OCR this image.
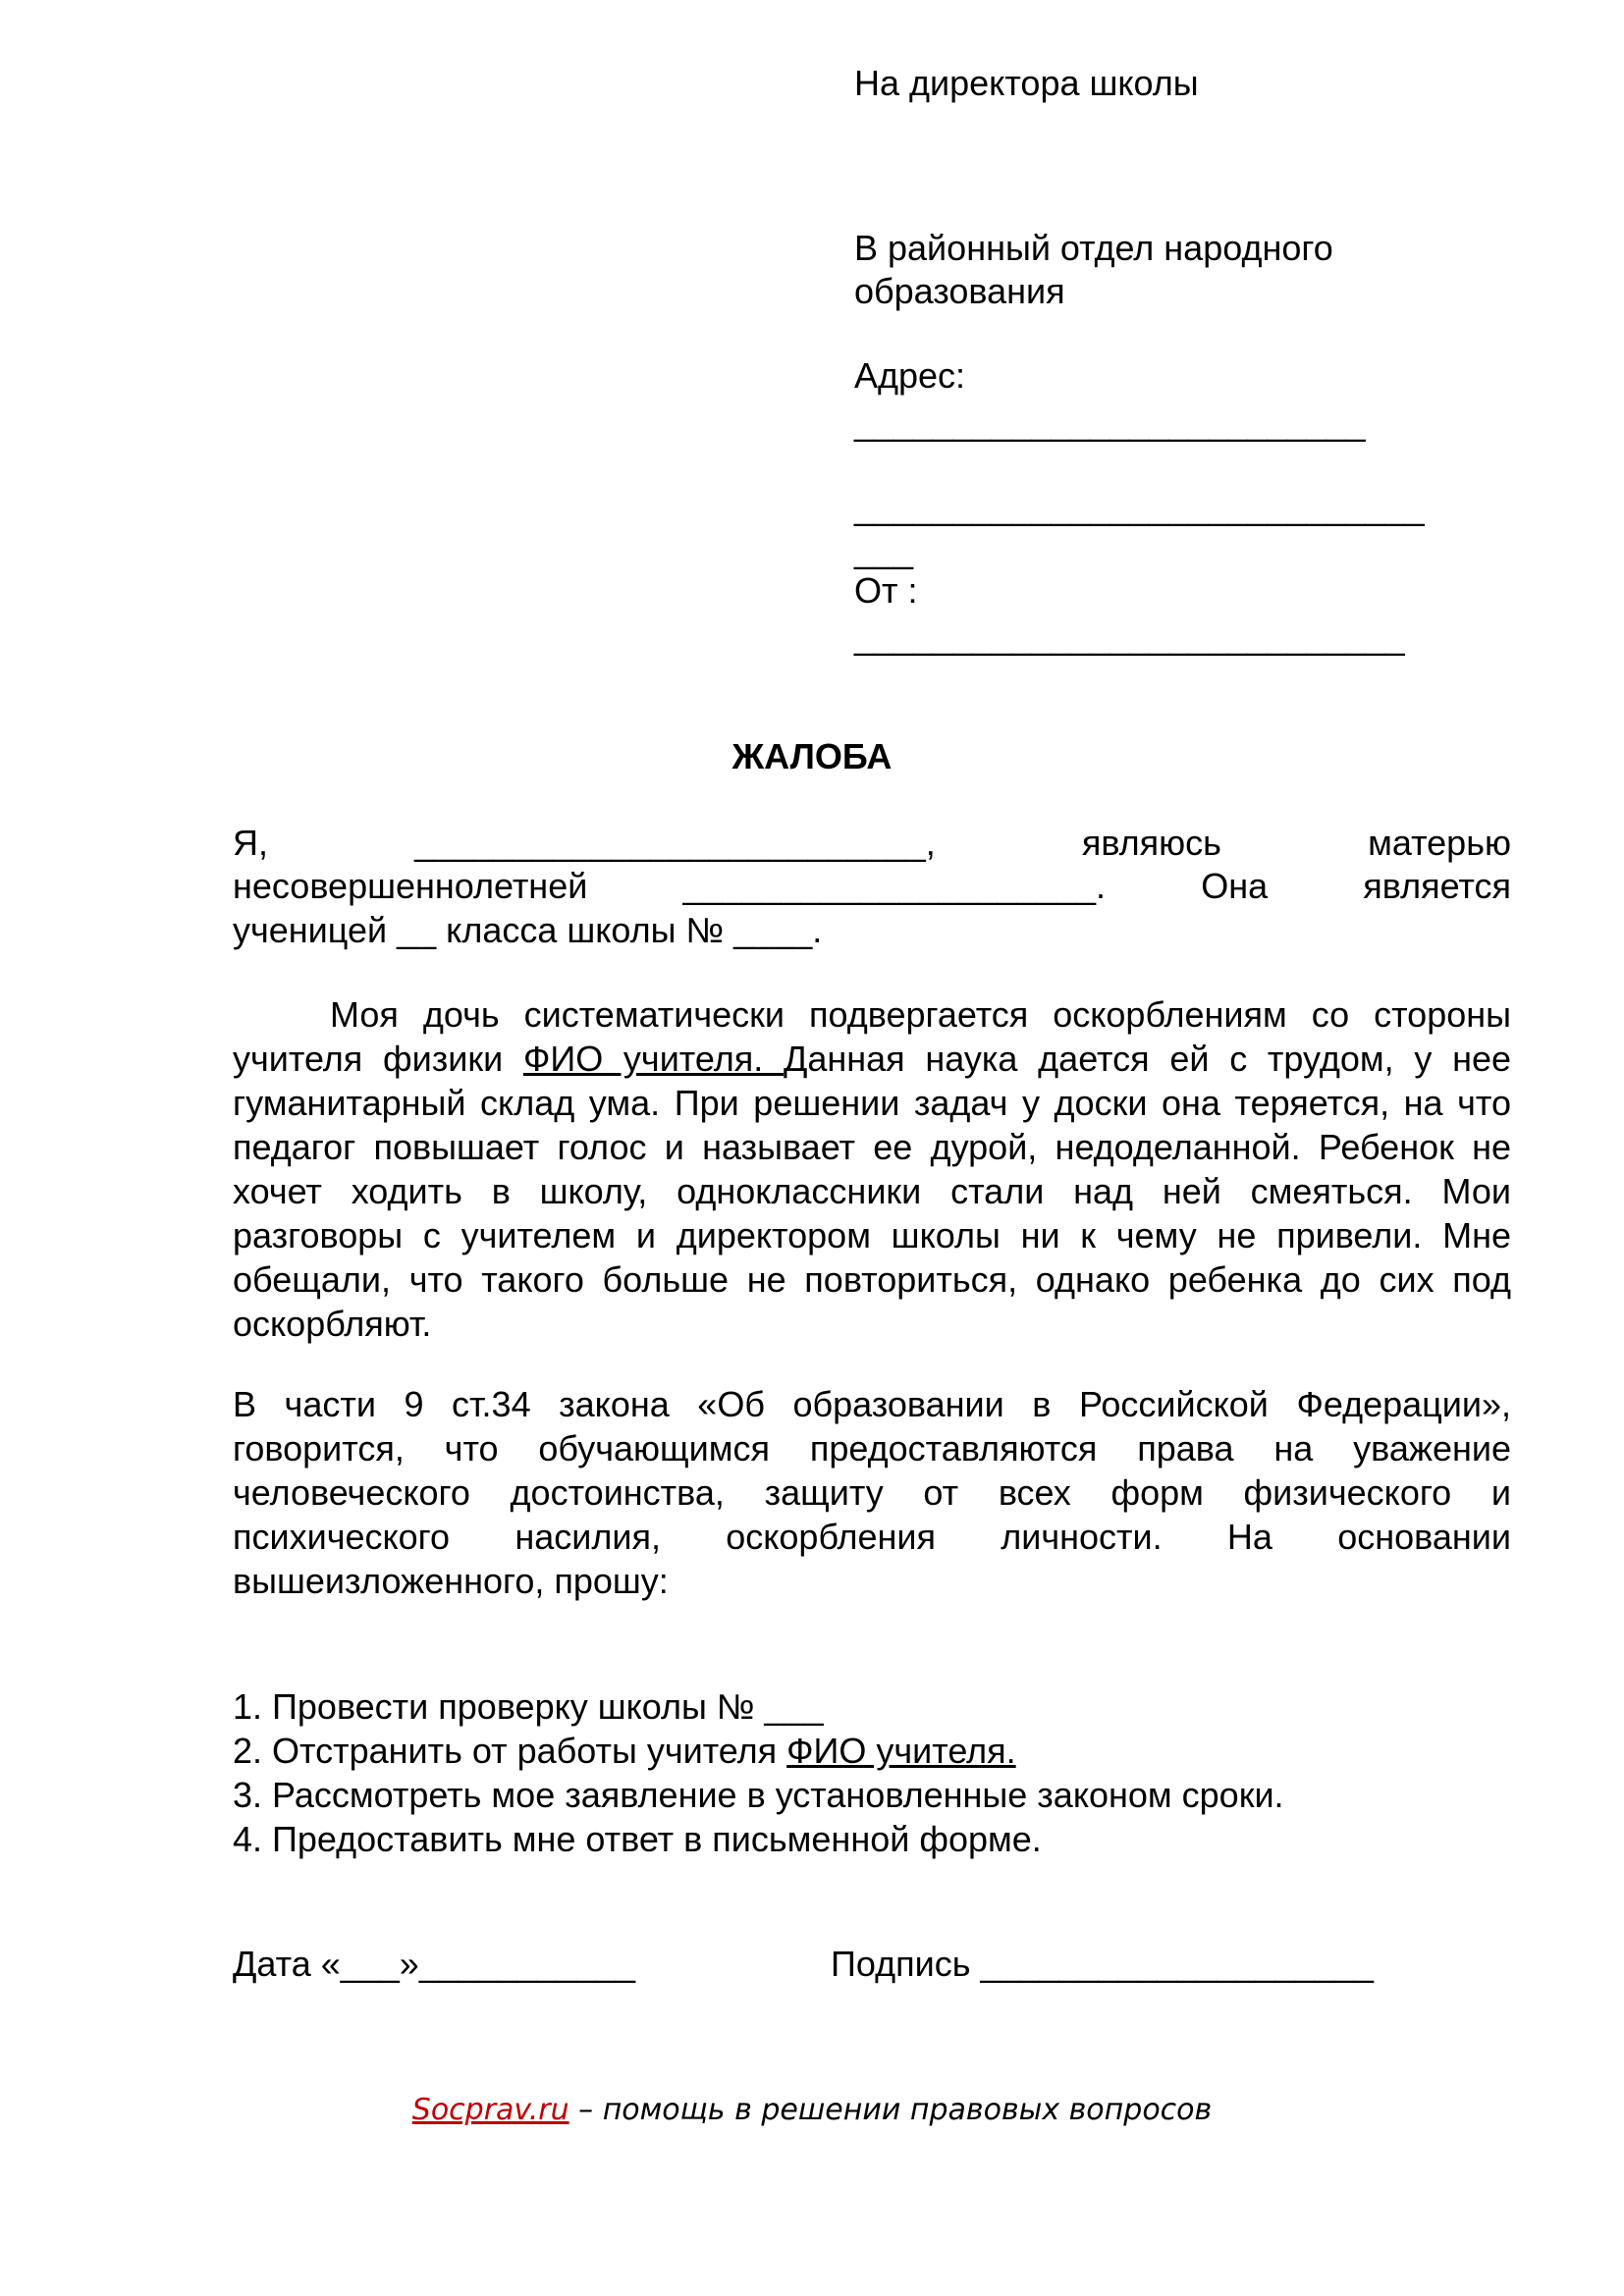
На директора школы
В районный отдел народного
образования
Адрес:
__________________________
_____________________________
___
От :
____________________________
ЖАЛОБА
Я,	__________________________,	являюсь	матерью
несовершеннолетней	_____________________.	Она	является
ученицей __ класса школы № ____.

Моя дочь систематически подвергается оскорблениям со стороны учителя физики ФИО учителя. Данная наука дается ей с трудом, у нее гуманитарный склад ума. При решении задач у доски она теряется, на что педагог повышает голос и называет ее дурой, недоделанной. Ребенок не хочет ходить в школу, одноклассники стали над ней смеяться. Мои разговоры с учителем и директором школы ни к чему не привели. Мне обещали, что такого больше не повториться, однако ребенка до сих под оскорбляют.

В части 9 ст.34 закона «Об образовании в Российской Федерации», говорится, что обучающимся предоставляются права на уважение человеческого достоинства, защиту от всех форм физического и психического насилия, оскорбления личности. На основании вышеизложенного, прошу:

1. Провести проверку школы № ___
2. Отстранить от работы учителя ФИО учителя.
3. Рассмотреть мое заявление в установленные законом сроки.
4. Предоставить мне ответ в письменной форме.
Дата «___»___________	Подпись ____________________
Socprav.ru – помощь в решении правовых вопросов
